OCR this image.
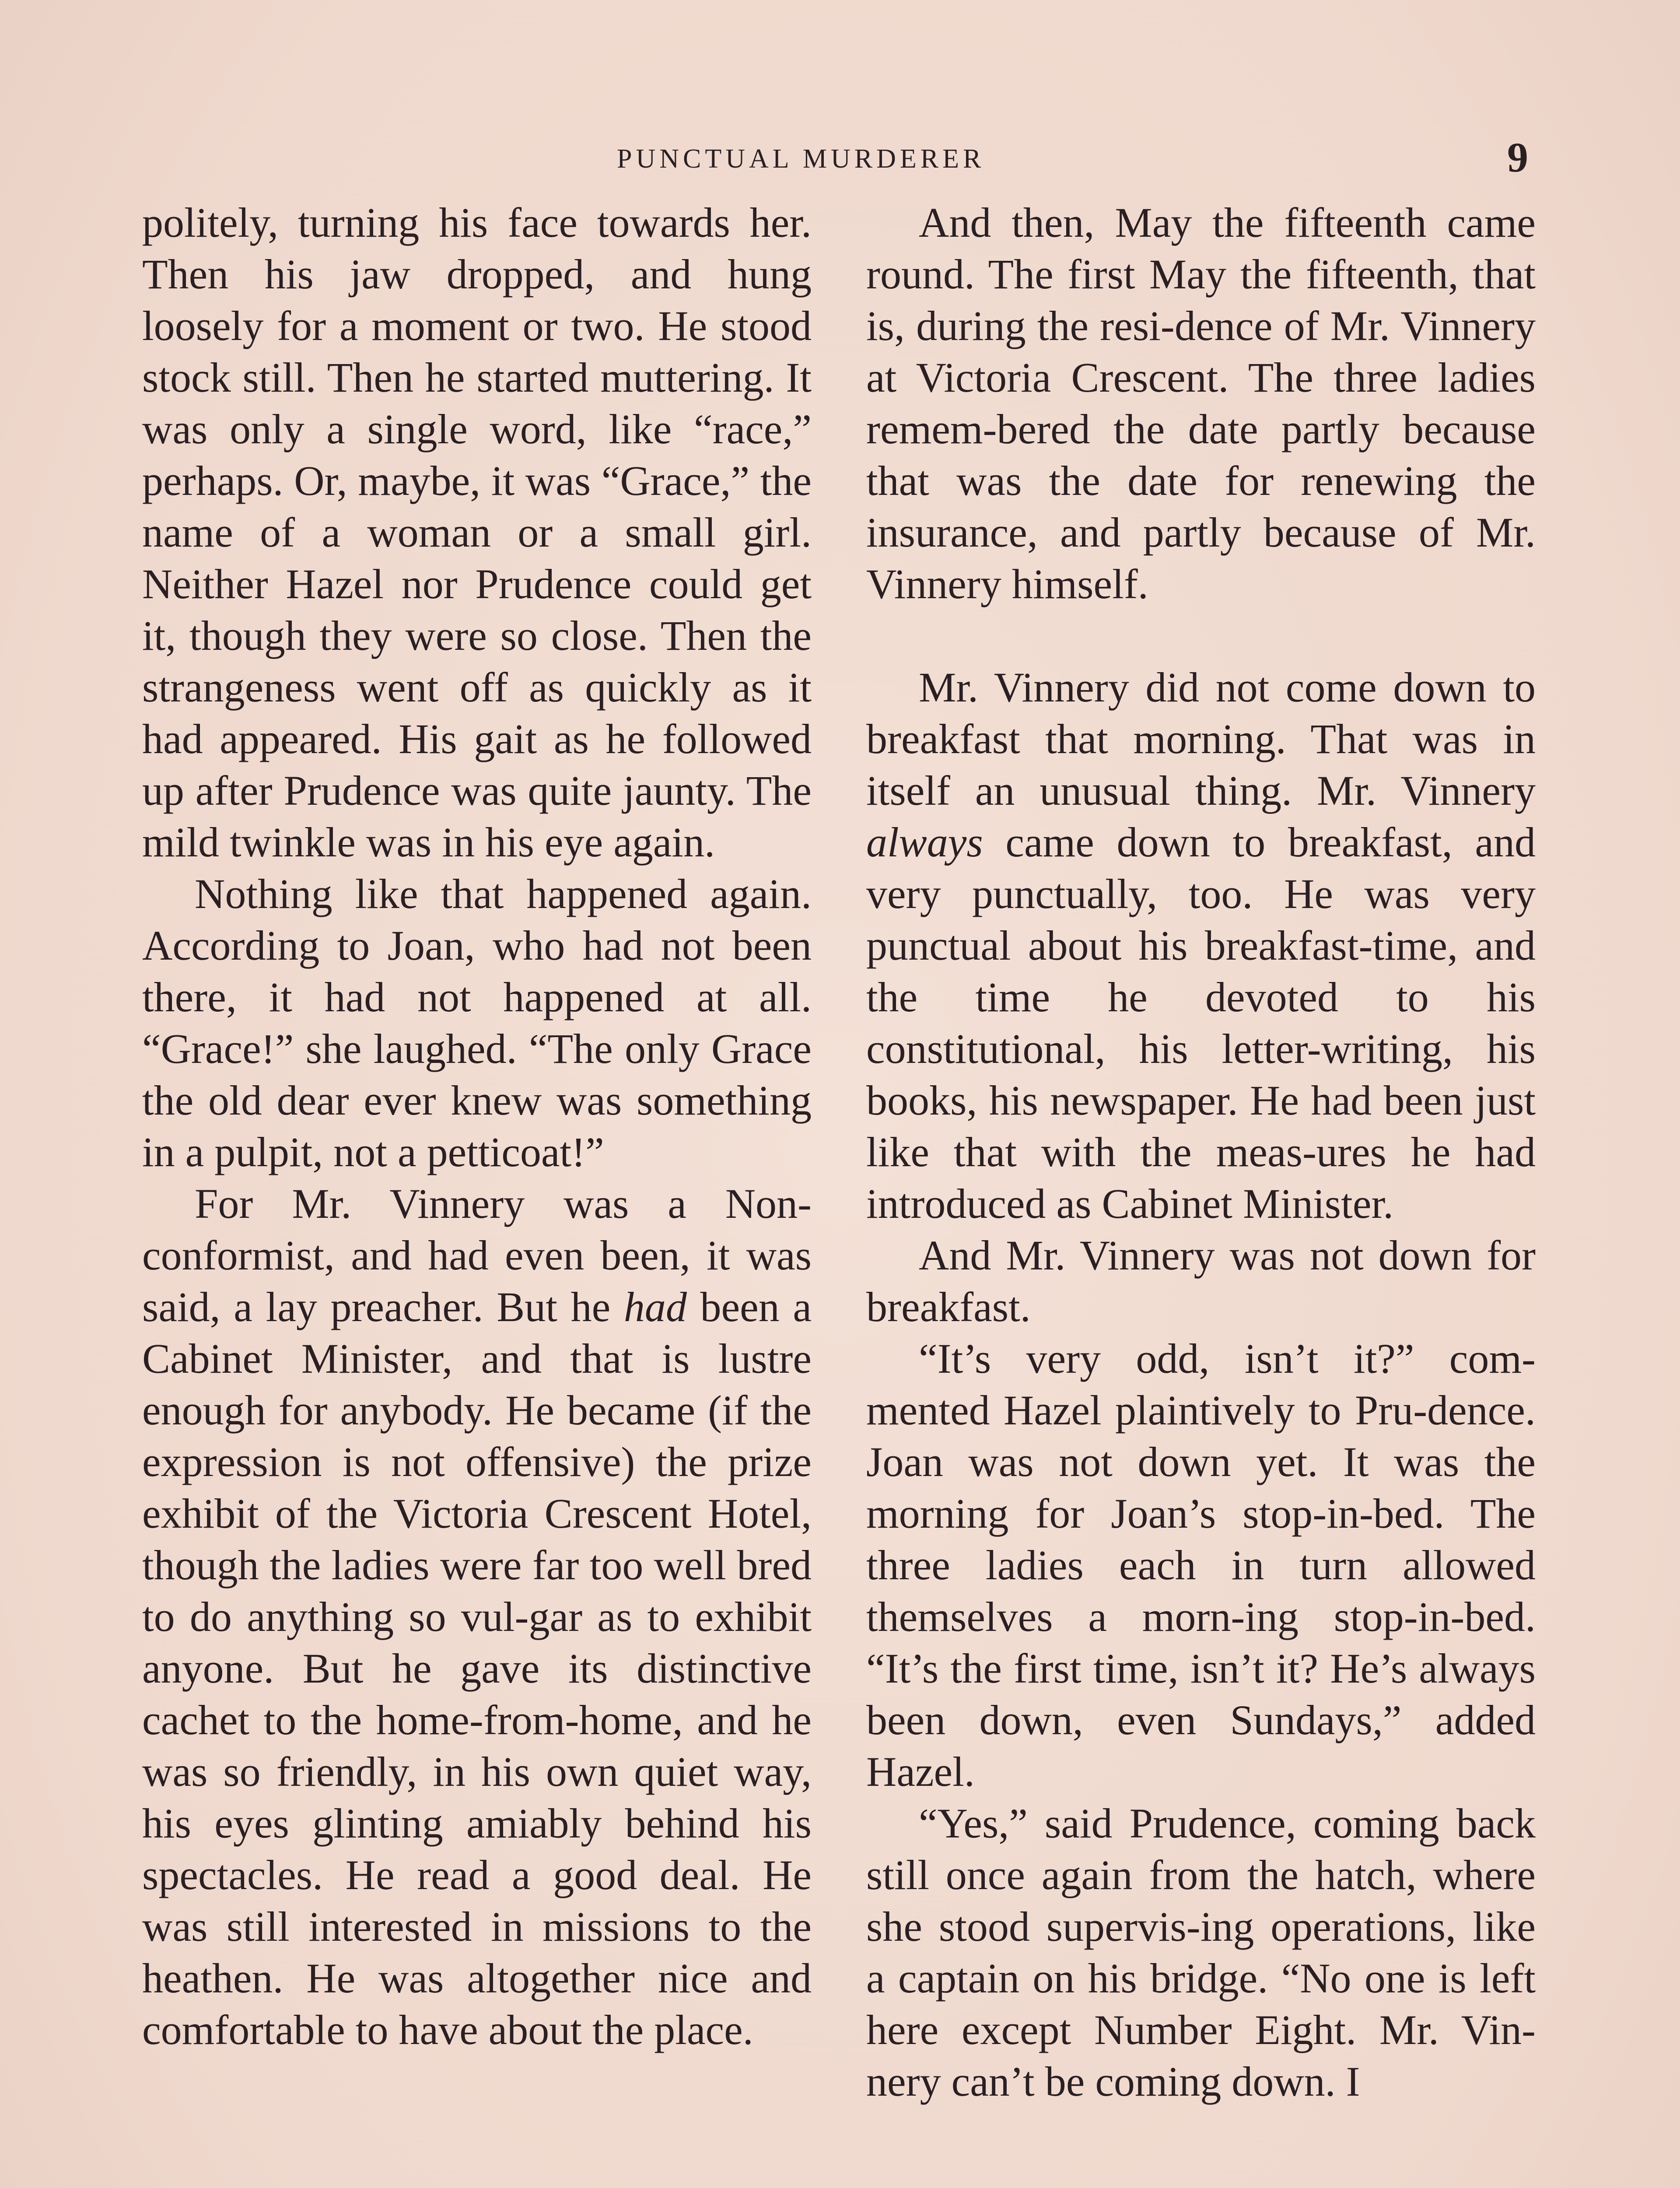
PUNCTUAL MURDERER	9

politely, turning his face towards her. Then his jaw dropped, and hung loosely for a moment or two. He stood stock still. Then he started muttering. It was only a single word, like “race,” perhaps. Or, maybe, it was “Grace,” the name of a woman or a small girl. Neither Hazel nor Prudence could get it, though they were so close. Then the strangeness went off as quickly as it had appeared. His gait as he followed up after Prudence was quite jaunty. The mild twinkle was in his eye again.

Nothing like that happened again. According to Joan, who had not been there, it had not happened at all. “Grace!” she laughed. “The only Grace the old dear ever knew was something in a pulpit, not a petticoat!”

For Mr. Vinnery was a Non-conformist, and had even been, it was said, a lay preacher. But he had been a Cabinet Minister, and that is lustre enough for anybody. He became (if the expression is not offensive) the prize exhibit of the Victoria Crescent Hotel, though the ladies were far too well bred to do anything so vul-gar as to exhibit anyone. But he gave its distinctive cachet to the home-from-home, and he was so friendly, in his own quiet way, his eyes glinting amiably behind his spectacles. He read a good deal. He was still interested in missions to the heathen. He was altogether nice and comfortable to have about the place.

And then, May the fifteenth came round. The first May the fifteenth, that is, during the resi-dence of Mr. Vinnery at Victoria Crescent. The three ladies remem-bered the date partly because that was the date for renewing the insurance, and partly because of Mr. Vinnery himself.

Mr. Vinnery did not come down to breakfast that morning. That was in itself an unusual thing. Mr. Vinnery always came down to breakfast, and very punctually, too. He was very punctual about his breakfast-time, and the time he devoted to his constitutional, his letter-writing, his books, his newspaper. He had been just like that with the meas-ures he had introduced as Cabinet Minister.

And Mr. Vinnery was not down for breakfast.

“It’s very odd, isn’t it?” com-mented Hazel plaintively to Pru-dence. Joan was not down yet. It was the morning for Joan’s stop-in-bed. The three ladies each in turn allowed themselves a morn-ing stop-in-bed. “It’s the first time, isn’t it? He’s always been down, even Sundays,” added Hazel.

“Yes,” said Prudence, coming back still once again from the hatch, where she stood supervis-ing operations, like a captain on his bridge. “No one is left here except Number Eight. Mr. Vin-nery can’t be coming down. I
